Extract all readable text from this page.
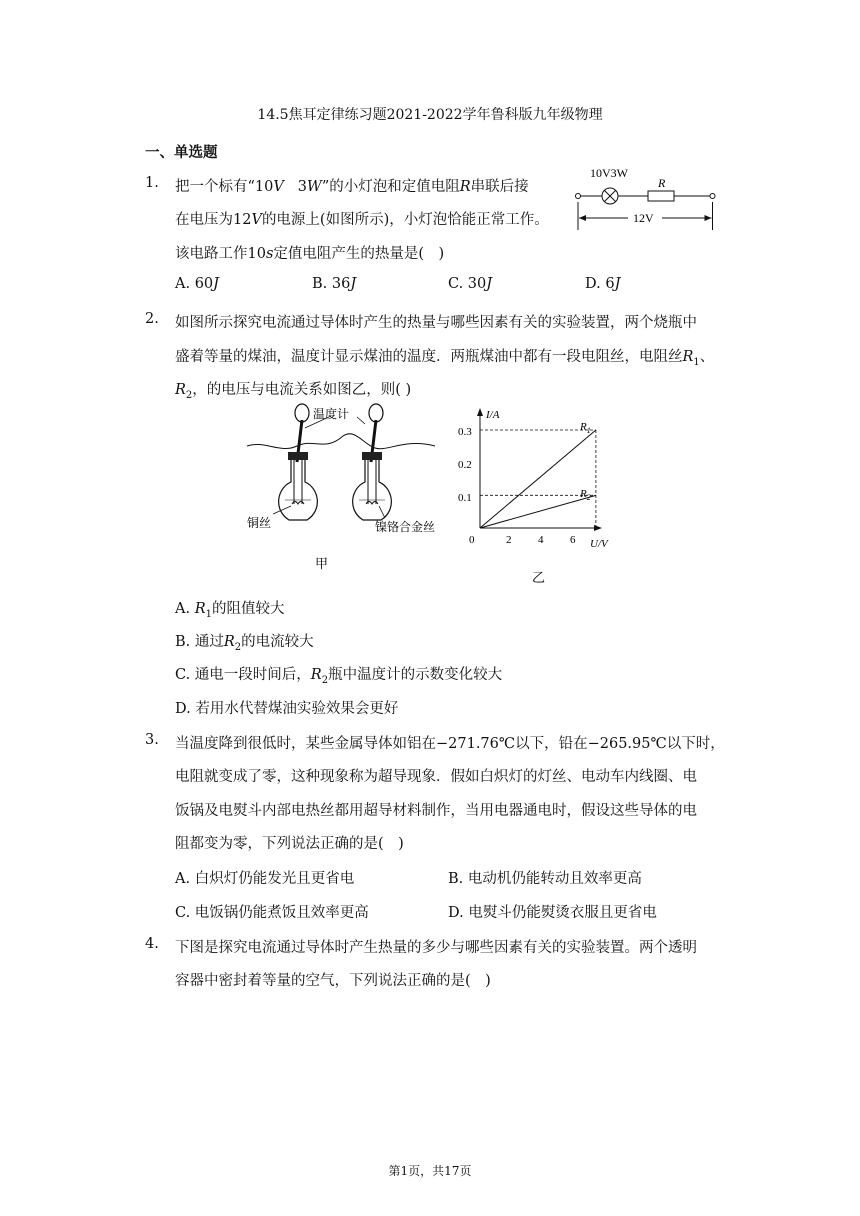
14.5焦耳定律练习题2021-2022学年鲁科版九年级物理
一、单选题
1. 把一个标有“10V 3W”的小灯泡和定值电阻R串联后接
在电压为12V的电源上(如图所示)，小灯泡恰能正常工作。
该电路工作10s定值电阻产生的热量是(　)
A. 60J	B. 36J	C. 30J	D. 6J
10V3W
R
12V
2. 如图所示探究电流通过导体时产生的热量与哪些因素有关的实验装置，两个烧瓶中
盛着等量的煤油，温度计显示煤油的温度．两瓶煤油中都有一段电阻丝，电阻丝$R_1$、
$R_2$，的电压与电流关系如图乙，则( )
温度计
铜丝	镍铬合金丝
甲
I/A
U/V
0.3
0.2
0.1
0	2 4 6
$R_1$
R
乙
A. $R_1$的阻值较大
B. 通过$R_2$的电流较大
C. 通电一段时间后，$R_2$瓶中温度计的示数变化较大
D. 若用水代替煤油实验效果会更好
3. 当温度降到很低时，某些金属导体如铝在−271.76℃以下，铅在−265.95℃以下时，
电阻就变成了零，这种现象称为超导现象．假如白炽灯的灯丝、电动车内线圈、电
饭锅及电熨斗内部电热丝都用超导材料制作，当用电器通电时，假设这些导体的电
阻都变为零，下列说法正确的是(　)
A. 白炽灯仍能发光且更省电	B. 电动机仍能转动且效率更高
C. 电饭锅仍能煮饭且效率更高	D. 电熨斗仍能熨烫衣服且更省电
4. 下图是探究电流通过导体时产生热量的多少与哪些因素有关的实验装置。两个透明
容器中密封着等量的空气，下列说法正确的是(　)
第1页，共17页
